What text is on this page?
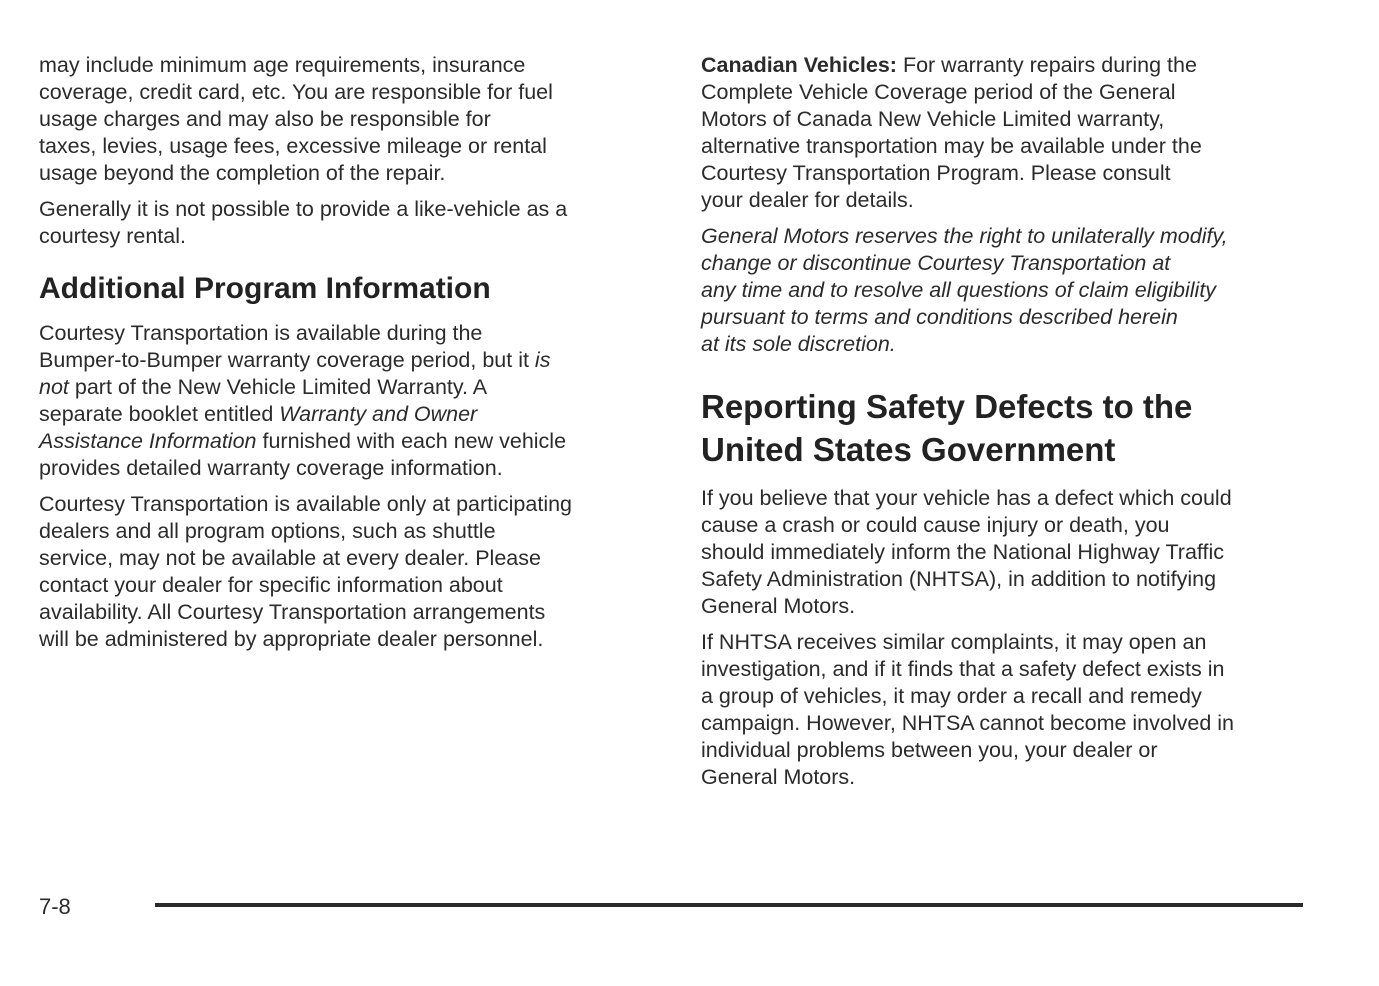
may include minimum age requirements, insurance
coverage, credit card, etc. You are responsible for fuel
usage charges and may also be responsible for
taxes, levies, usage fees, excessive mileage or rental
usage beyond the completion of the repair.

Generally it is not possible to provide a like-vehicle as a
courtesy rental.

Additional Program Information

Courtesy Transportation is available during the
Bumper-to-Bumper warranty coverage period, but it is
not part of the New Vehicle Limited Warranty. A
separate booklet entitled Warranty and Owner
Assistance Information furnished with each new vehicle
provides detailed warranty coverage information.

Courtesy Transportation is available only at participating
dealers and all program options, such as shuttle
service, may not be available at every dealer. Please
contact your dealer for specific information about
availability. All Courtesy Transportation arrangements
will be administered by appropriate dealer personnel.

Canadian Vehicles: For warranty repairs during the
Complete Vehicle Coverage period of the General
Motors of Canada New Vehicle Limited warranty,
alternative transportation may be available under the
Courtesy Transportation Program. Please consult
your dealer for details.

General Motors reserves the right to unilaterally modify,
change or discontinue Courtesy Transportation at
any time and to resolve all questions of claim eligibility
pursuant to terms and conditions described herein
at its sole discretion.

Reporting Safety Defects to the
United States Government

If you believe that your vehicle has a defect which could
cause a crash or could cause injury or death, you
should immediately inform the National Highway Traffic
Safety Administration (NHTSA), in addition to notifying
General Motors.

If NHTSA receives similar complaints, it may open an
investigation, and if it finds that a safety defect exists in
a group of vehicles, it may order a recall and remedy
campaign. However, NHTSA cannot become involved in
individual problems between you, your dealer or
General Motors.

7-8
